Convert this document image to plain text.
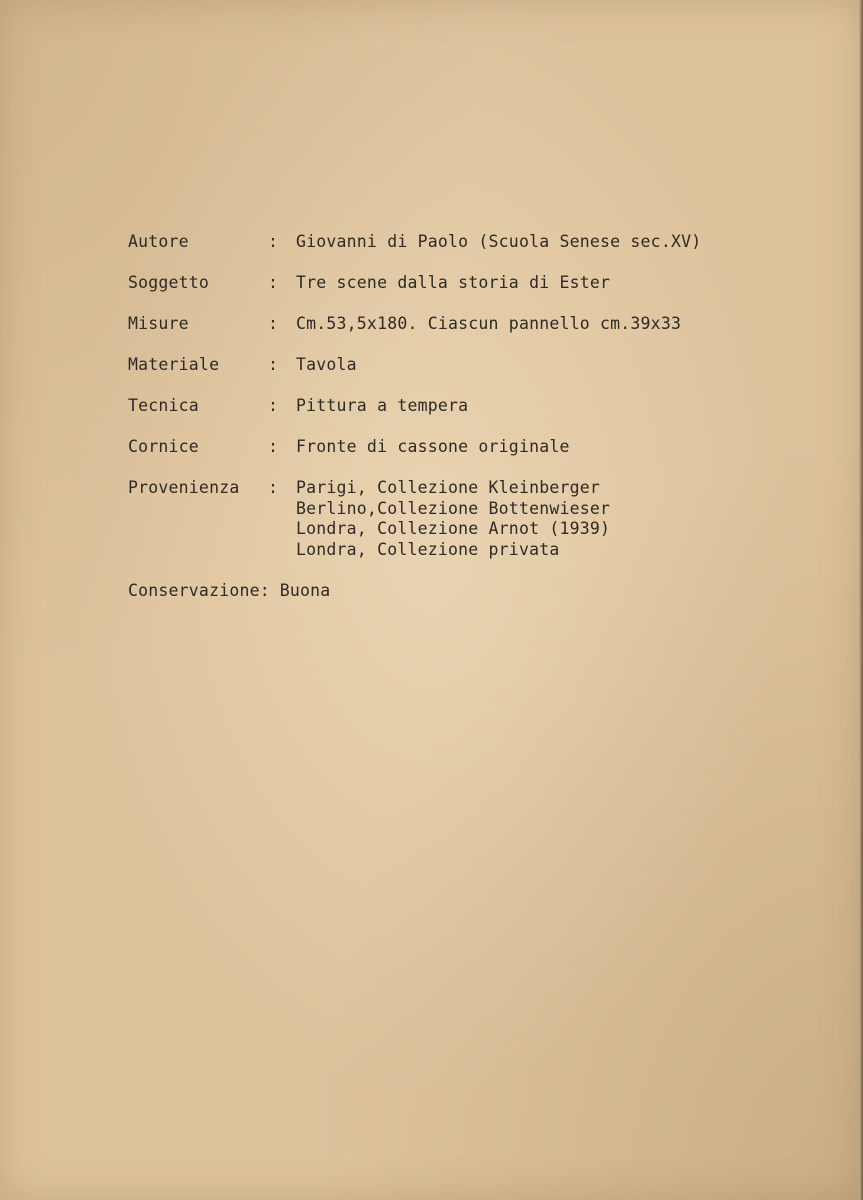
Autore	:	Giovanni di Paolo (Scuola Senese sec.XV)
Soggetto	:	Tre scene dalla storia di Ester
Misure	:	Cm.53,5x180. Ciascun pannello cm.39x33
Materiale	:	Tavola
Tecnica	:	Pittura a tempera
Cornice	:	Fronte di cassone originale
Provenienza	:	Parigi, Collezione Kleinberger
Berlino,Collezione Bottenwieser
Londra, Collezione Arnot (1939)
Londra, Collezione privata
Conservazione : Buona
